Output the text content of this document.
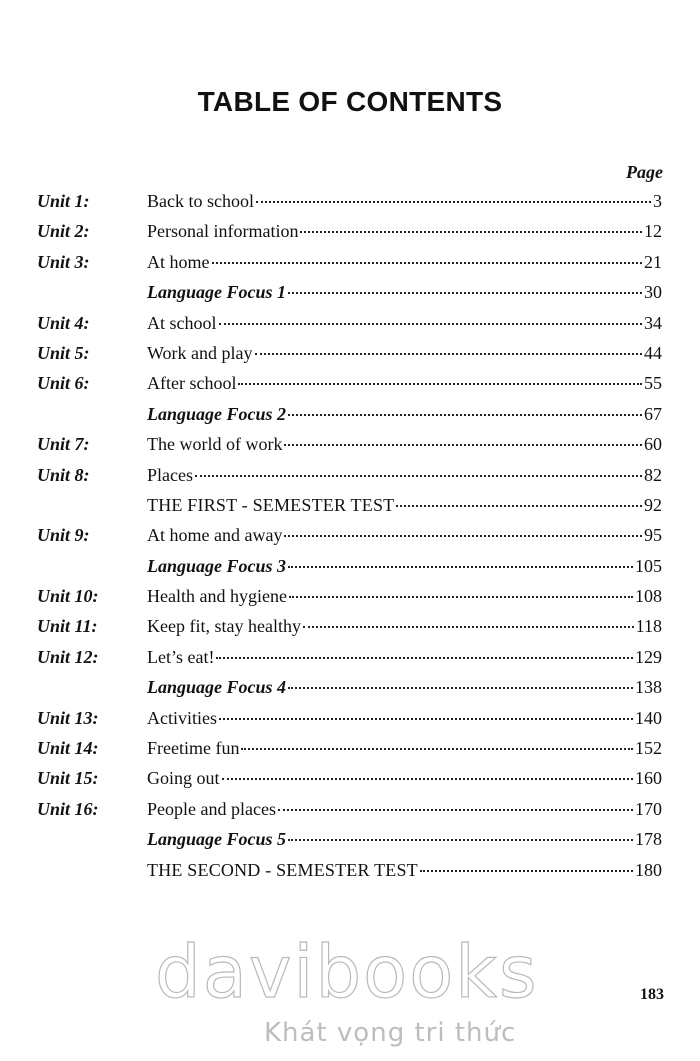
TABLE OF CONTENTS
Page
Unit 1:	Back to school	3
Unit 2:	Personal information	12
Unit 3:	At home	21
Language Focus 1	30
Unit 4:	At school	34
Unit 5:	Work and play	44
Unit 6:	After school	55
Language Focus 2	67
Unit 7:	The world of work	60
Unit 8:	Places	82
THE FIRST - SEMESTER TEST	92
Unit 9:	At home and away	95
Language Focus 3	105
Unit 10:	Health and hygiene	108
Unit 11:	Keep fit, stay healthy	118
Unit 12:	Let’s eat!	129
Language Focus 4	138
Unit 13:	Activities	140
Unit 14:	Freetime fun	152
Unit 15:	Going out	160
Unit 16:	People and places	170
Language Focus 5	178
THE SECOND - SEMESTER TEST	180
davibooks
Khát vọng tri thức
183
